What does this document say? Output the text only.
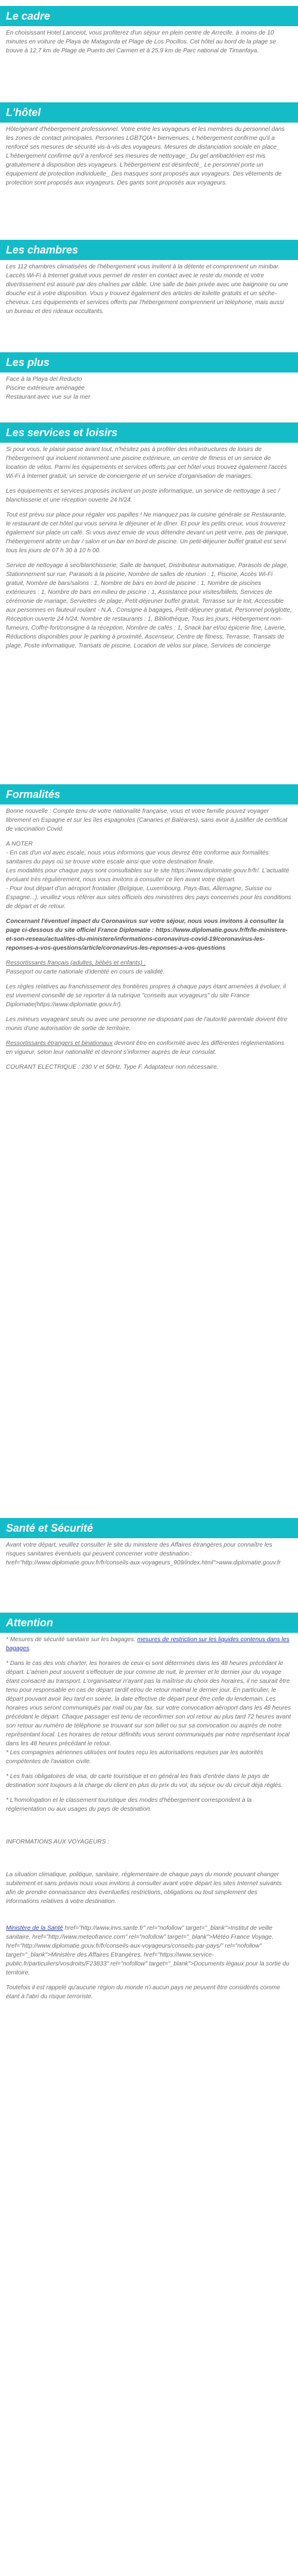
Le cadre

En choisissant Hotel Lanceiot, vous profiterez d'un séjour en plein centre de Arrecife, à moins de 10 minutes en voiture de Playa de Matagorda et Plage de Los Pocillos. Cet hôtel au bord de la plage se trouve à 12,7 km de Plage de Puerto del Carmen et à 25,9 km de Parc national de Timanfaya.

L'hôtel

Hôte/gérant d'hébergement professionnel. Votre entre les voyageurs et les membres du personnel dans les zones de contact principales. Personnes LGBTQIA+ bienvenues. L'hébergement confirme qu'il a renforcé ses mesures de sécurité vis-à-vis des voyageurs. Mesures de distanciation sociale en place_ L'hébergement confirme qu'il a renforcé ses mesures de nettoyage_ Du gel antibactérien est mis gratuitement à disposition des voyageurs. L'hébergement est désinfecté_ Le personnel porte un équipement de protection individuelle_ Des masques sont proposés aux voyageurs. Des vêtements de protection sont proposés aux voyageurs. Des gants sont proposés aux voyageurs.

Les chambres

Les 112 chambres climatisées de l'hébergement vous invitent à la détente et comprennent un minibar. Laccès Wi-Fi à Internet gratuit vous permet de rester en contact avec le reste du monde et votre divertissement est assuré par des chaînes par câble. Une salle de bain privée avec une baignoire ou une douche est à votre disposition. Vous y trouvez également des articles de toilette gratuits et un sèche-cheveux. Les équipements et services offerts par l'hébergement comprennent un téléphone, mais aussi un bureau et des rideaux occultants.

Les plus

Face à la Playa del Reducto

Piscine extérieure aménagée

Restaurant avec vue sur la mer

Les services et loisirs

Si pour vous, le plaisir passe avant tout, n'hésitez pas à profiter des infrastructures de loisirs de l'hébergement qui incluent notamment une piscine extérieure, un centre de fitness et un service de location de vélos. Parmi les équipements et services offerts par cet hôtel vous trouvez également l'accès Wi-Fi à Internet gratuit, un service de conciergerie et un service d'organisation de mariages.

Les équipements et services proposés incluent un poste informatique, un service de nettoyage à sec / blanchisserie et une réception ouverte 24 h/24.

Tout est prévu sur place pour régaler vos papilles ! Ne manquez pas la cuisine générale se Restaurante, le restaurant de cet hôtel qui vous servira le déjeuner et le dîner. Et pour les petits creux, vous trouverez également sur place un café. Si vous avez envie de vous détendre devant un petit verre, pas de panique, l'hébergement abrite un bar / salon et un bar en bord de piscine. Un petit-déjeuner buffet gratuit est servi tous les jours de 07 h 30 à 10 h 00.

Service de nettoyage à sec/blanchisserie, Salle de banquet, Distributeur automatique, Parasols de plage, Stationnement sur rue, Parasols à la piscine, Nombre de salles de réunion : 1, Piscine, Accès Wi-Fi gratuit, Nombre de bars/salons : 1, Nombre de bars en bord de piscine : 1, Nombre de piscines extérieures : 1, Nombre de bars en milieu de piscine : 1, Assistance pour visites/billets, Services de cérémonie de mariage, Serviettes de plage, Petit-déjeuner buffet gratuit, Terrasse sur le toit, Accessible aux personnes en fauteuil roulant - N.A., Consigne à bagages, Petit-déjeuner gratuit, Personnel polyglotte, Réception ouverte 24 h/24, Nombre de restaurants : 1, Bibliothèque, Tous les jours, Hébergement non-fumeurs, Coffre-fort/consigne à la réception, Nombre de cafés : 1, Snack bar et/ou épicerie fine, Laverie, Réductions disponibles pour le parking à proximité, Ascenseur, Centre de fitness, Terrasse, Transats de plage, Poste informatique, Transats de piscine, Location de vélos sur place, Services de concierge

Formalités

Bonne nouvelle : Compte tenu de votre nationalité française, vous et votre famille pouvez voyager librement en Espagne et sur les îles espagnoles (Canaries et Baléares), sans avoir à justifier de certificat de vaccination Covid.

A NOTER
- En cas d'un vol avec escale, nous vous informons que vous devrez être conforme aux formalités sanitaires du pays où se trouve votre escale ainsi que votre destination finale.
Les modalités pour chaque pays sont consultables sur le site https://www.diplomatie.gouv.fr/fr/. L'actualité évoluant très régulièrement, nous vous invitons à consulter ce lien avant votre départ.
- Pour tout départ d'un aéroport frontalier (Belgique, Luxembourg, Pays-Bas, Allemagne, Suisse ou Espagne...), veuillez vous référer aux sites officiels des ministères des pays concernés pour les conditions de départ et de retour.

Concernant l'éventuel impact du Coronavirus sur votre séjour, nous vous invitons à consulter la page ci-dessous du site officiel France Diplomatie : https://www.diplomatie.gouv.fr/fr/le-ministere-et-son-reseau/actualites-du-ministere/informations-coronavirus-covid-19/coronavirus-les-reponses-a-vos-questions/article/coronavirus-les-reponses-a-vos-questions

Ressortissants français (adultes, bébés et enfants) :
Passeport ou carte nationale d'identité en cours de validité.

Les règles relatives au franchissement des frontières propres à chaque pays étant amenées à évoluer, il est vivement conseillé de se reporter à la rubrique "conseils aux voyageurs" du site France Diplomatie(https://www.diplomatie.gouv.fr/).

Les mineurs voyageant seuls ou avec une personne ne disposant pas de l'autorité parentale doivent être munis d'une autorisation de sortie de territoire.

Ressortissants étrangers et binationaux devront être en conformité avec les différentes réglementations en vigueur, selon leur nationalité et devront s'informer auprès de leur consulat.

COURANT ELECTRIQUE : 230 V et 50Hz, Type F. Adaptateur non nécessaire.

Santé et Sécurité

Avant votre départ, veuillez consulter le site du ministere des Affaires étrangères pour connaître les risques sanitaires éventuels qui peuvent concerner votre destination : href="http://www.diplomatie.gouv.fr/fr/conseils-aux-voyageurs_909/index.html">www.diplomatie.gouv.fr

Attention

* Mesures de sécurité sanitaire sur les bagages: mesures de restriction sur les liquides contenus dans les bagages.

* Dans le cas des vols charter, les horaires de ceux-ci sont déterminés dans les 48 heures précédant le départ. L'aérien peut souvent s'effectuer de jour comme de nuit, le premier et le dernier jour du voyage étant consacré au transport. L'organisateur n'ayant pas la maîtrise du choix des horaires, il ne saurait être tenu pour responsable en cas de départ tardif et/ou de retour matinal le dernier jour. En particulier, le départ pouvant avoir lieu tard en soirée, la date effective de départ peut être celle du lendemain. Les horaires vous seront communiqués par mail ou par fax, sur votre convocation aéroport dans les 48 heures précédant le départ. Chaque passager est tenu de reconfirmer son vol retour au plus tard 72 heures avant son retour au numéro de téléphone se trouvant sur son billet ou sur sa convocation ou auprès de notre représentant local. Les horaires de retour définitifs vous seront communiqués par notre représentant local dans les 48 heures précédant le retour.

* Les compagnies aériennes utilisées ont toutes reçu les autorisations requises par les autorités compétentes de l'aviation civile.

* Les frais obligatoires de visa, de carte touristique et en général les frais d'entrée dans le pays de destination sont toujours à la charge du client en plus du prix du vol, du séjour ou du circuit déjà réglés.

* L'homologation et le classement touristique des modes d'hébergement correspondent à la réglementation ou aux usages du pays de destination.

INFORMATIONS AUX VOYAGEURS :

La situation climatique, politique, sanitaire, réglementaire de chaque pays du monde pouvant changer subitement et sans préavis nous vous invitons à consulter avant votre départ les sites Internet suivants afin de prendre connaissance des éventuelles restrictions, obligations ou tout simplement des informations relatives à votre destination.

Ministère de la Santé href="http://www.invs.sante.fr" rel="nofollow" target="_blank">Institut de veille sanitaire, href="http://www.meteofrance.com" rel="nofollow" target="_blank">Météo France Voyage, href="http://www.diplomatie.gouv.fr/fr/conseils-aux-voyageurs/conseils-par-pays/" rel="nofollow" target="_blank">Ministère des Affaires Etrangères, href="https://www.service-public.fr/particuliers/vosdroits/F23833" rel="nofollow" target="_blank">Documents légaux pour la sortie du territoire.

Toutefois il est rappelé qu'aucune région du monde n'i aucun pays ne peuvent être considérés comme étant à l'abri du risque terroriste.
